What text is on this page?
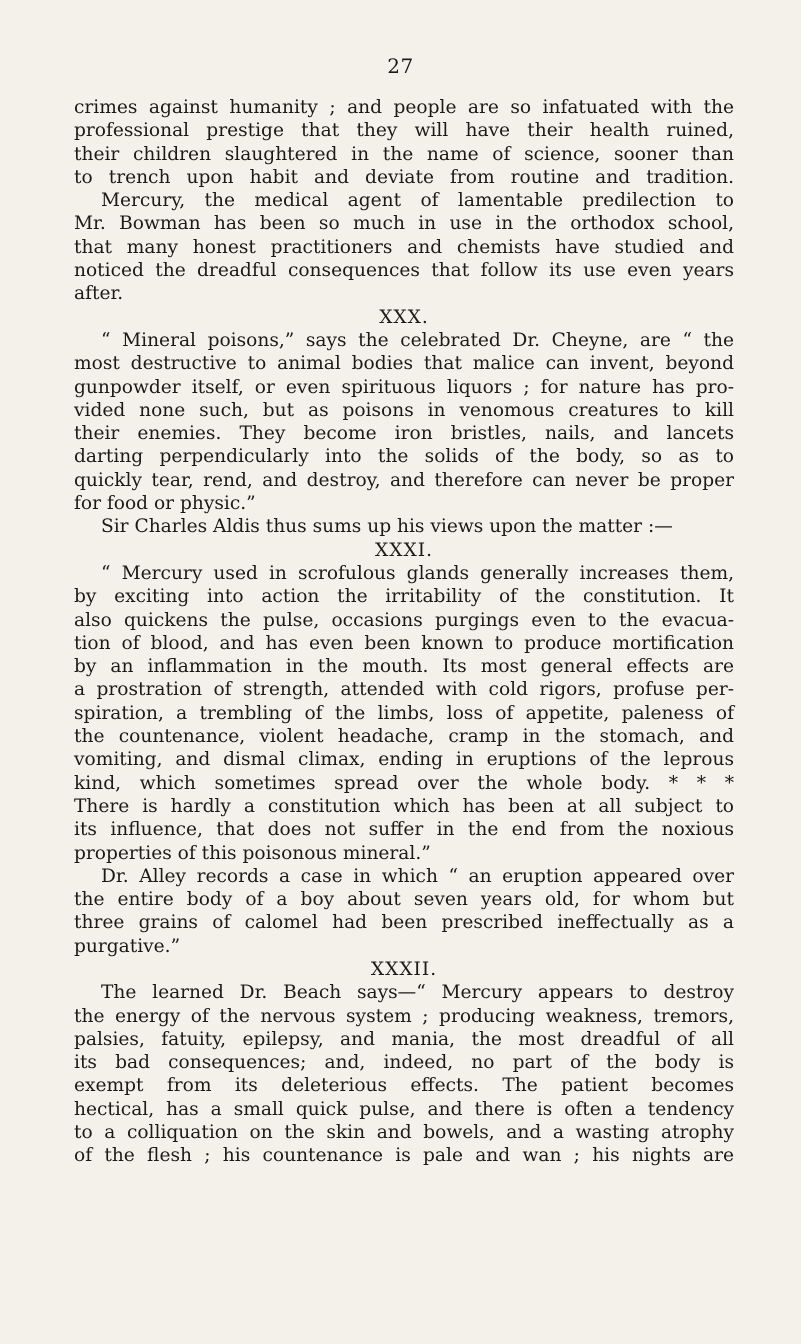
27
crimes against humanity ; and people are so infatuated with the
professional prestige that they will have their health ruined,
their children slaughtered in the name of science, sooner than
to trench upon habit and deviate from routine and tradition.
Mercury, the medical agent of lamentable predilection to
Mr. Bowman has been so much in use in the orthodox school,
that many honest practitioners and chemists have studied and
noticed the dreadful consequences that follow its use even years
after.
XXX.
“ Mineral poisons,” says the celebrated Dr. Cheyne, are “ the
most destructive to animal bodies that malice can invent, beyond
gunpowder itself, or even spirituous liquors ; for nature has pro-
vided none such, but as poisons in venomous creatures to kill
their enemies. They become iron bristles, nails, and lancets
darting perpendicularly into the solids of the body, so as to
quickly tear, rend, and destroy, and therefore can never be proper
for food or physic.”
Sir Charles Aldis thus sums up his views upon the matter :—
XXXI.
“ Mercury used in scrofulous glands generally increases them,
by exciting into action the irritability of the constitution. It
also quickens the pulse, occasions purgings even to the evacua-
tion of blood, and has even been known to produce mortification
by an inflammation in the mouth. Its most general effects are
a prostration of strength, attended with cold rigors, profuse per-
spiration, a trembling of the limbs, loss of appetite, paleness of
the countenance, violent headache, cramp in the stomach, and
vomiting, and dismal climax, ending in eruptions of the leprous
kind, which sometimes spread over the whole body. * * *
There is hardly a constitution which has been at all subject to
its influence, that does not suffer in the end from the noxious
properties of this poisonous mineral.”
Dr. Alley records a case in which “ an eruption appeared over
the entire body of a boy about seven years old, for whom but
three grains of calomel had been prescribed ineffectually as a
purgative.”
XXXII.
The learned Dr. Beach says—“ Mercury appears to destroy
the energy of the nervous system ; producing weakness, tremors,
palsies, fatuity, epilepsy, and mania, the most dreadful of all
its bad consequences; and, indeed, no part of the body is
exempt from its deleterious effects. The patient becomes
hectical, has a small quick pulse, and there is often a tendency
to a colliquation on the skin and bowels, and a wasting atrophy
of the flesh ; his countenance is pale and wan ; his nights are
